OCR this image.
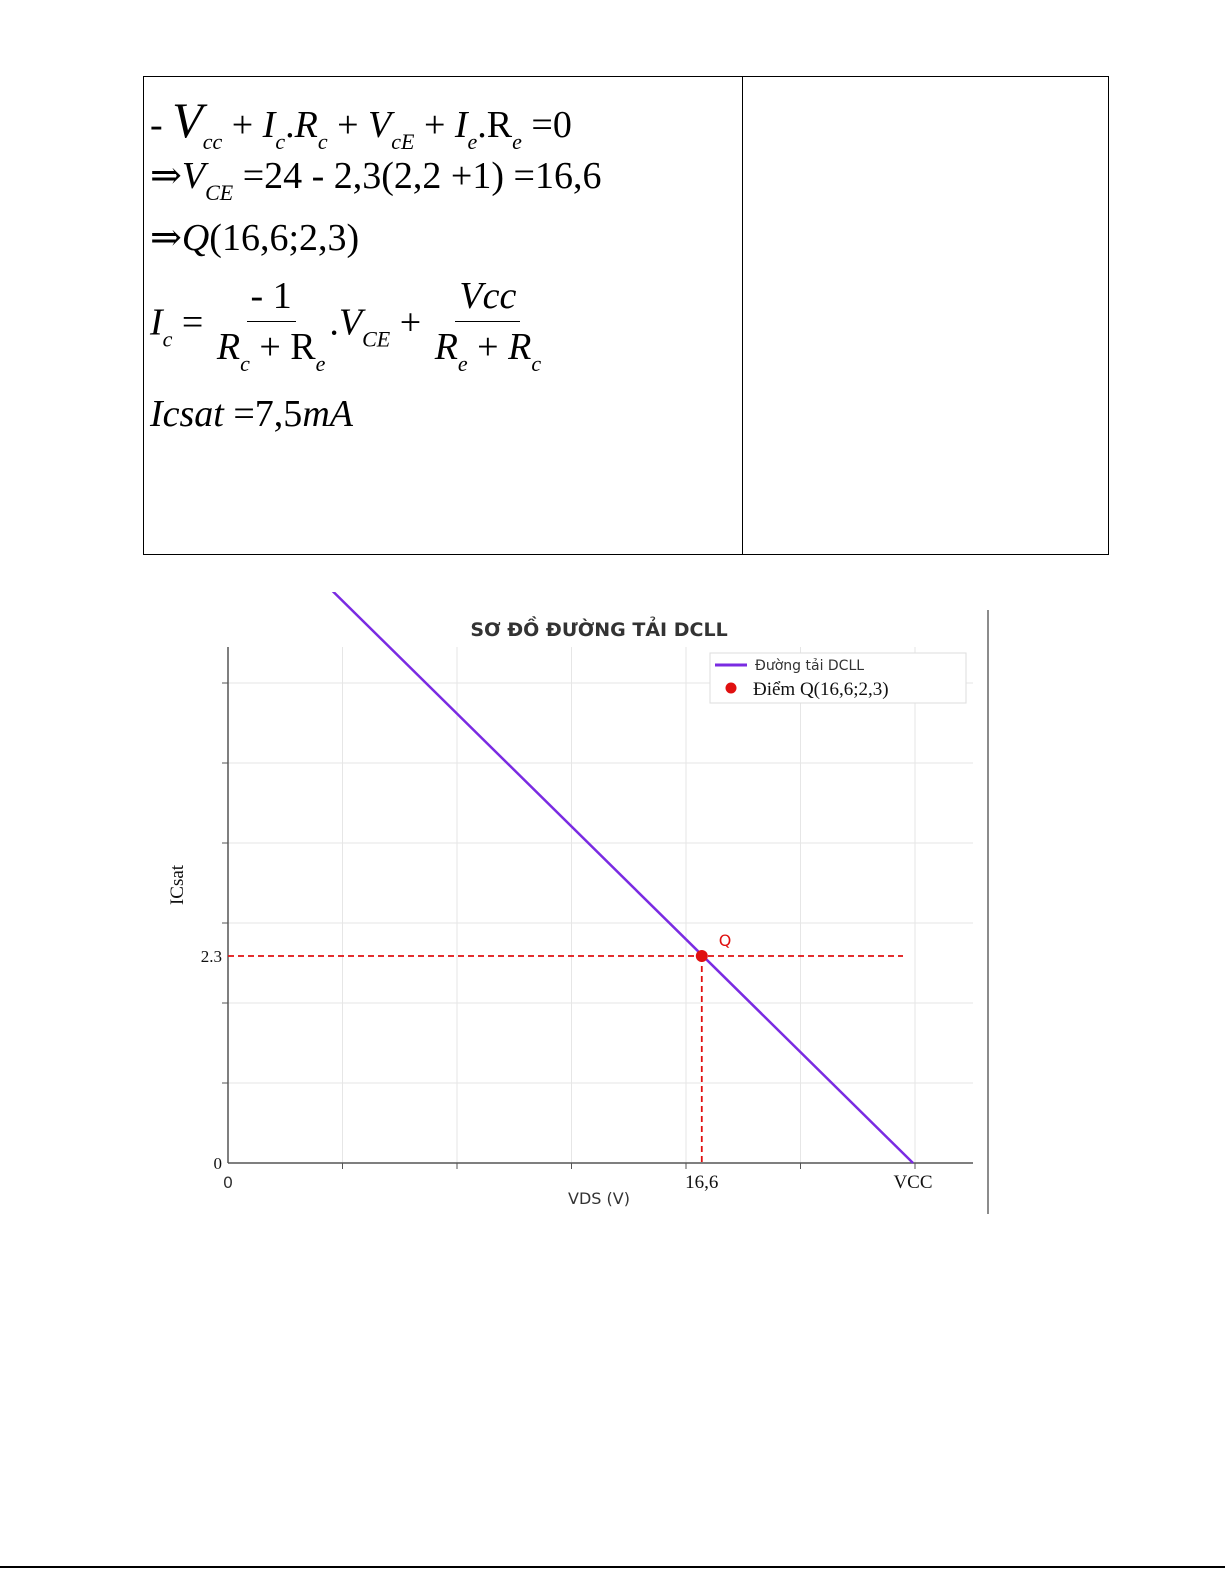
- $V_{cc} + I_c.R_c + V_{cE} + I_e.R_e =0$
$\Rightarrow V_{CE} =24 - 2,3(2,2 +1) =16,6$
⇒Q(16,6;2,3)
$I_c = \frac{- 1}{R_c + R_e} .V_{CE} + \frac{\text{Vcc}}{R_e + R_c}$
Icsat =7,5mA
SƠ ĐỒ ĐƯỜNG TẢI DCLL
Q
0	16,6	VCC
0
2.3
VDS (V)
ICsat
Đường tải DCLL
Điểm Q(16,6;2,3)
